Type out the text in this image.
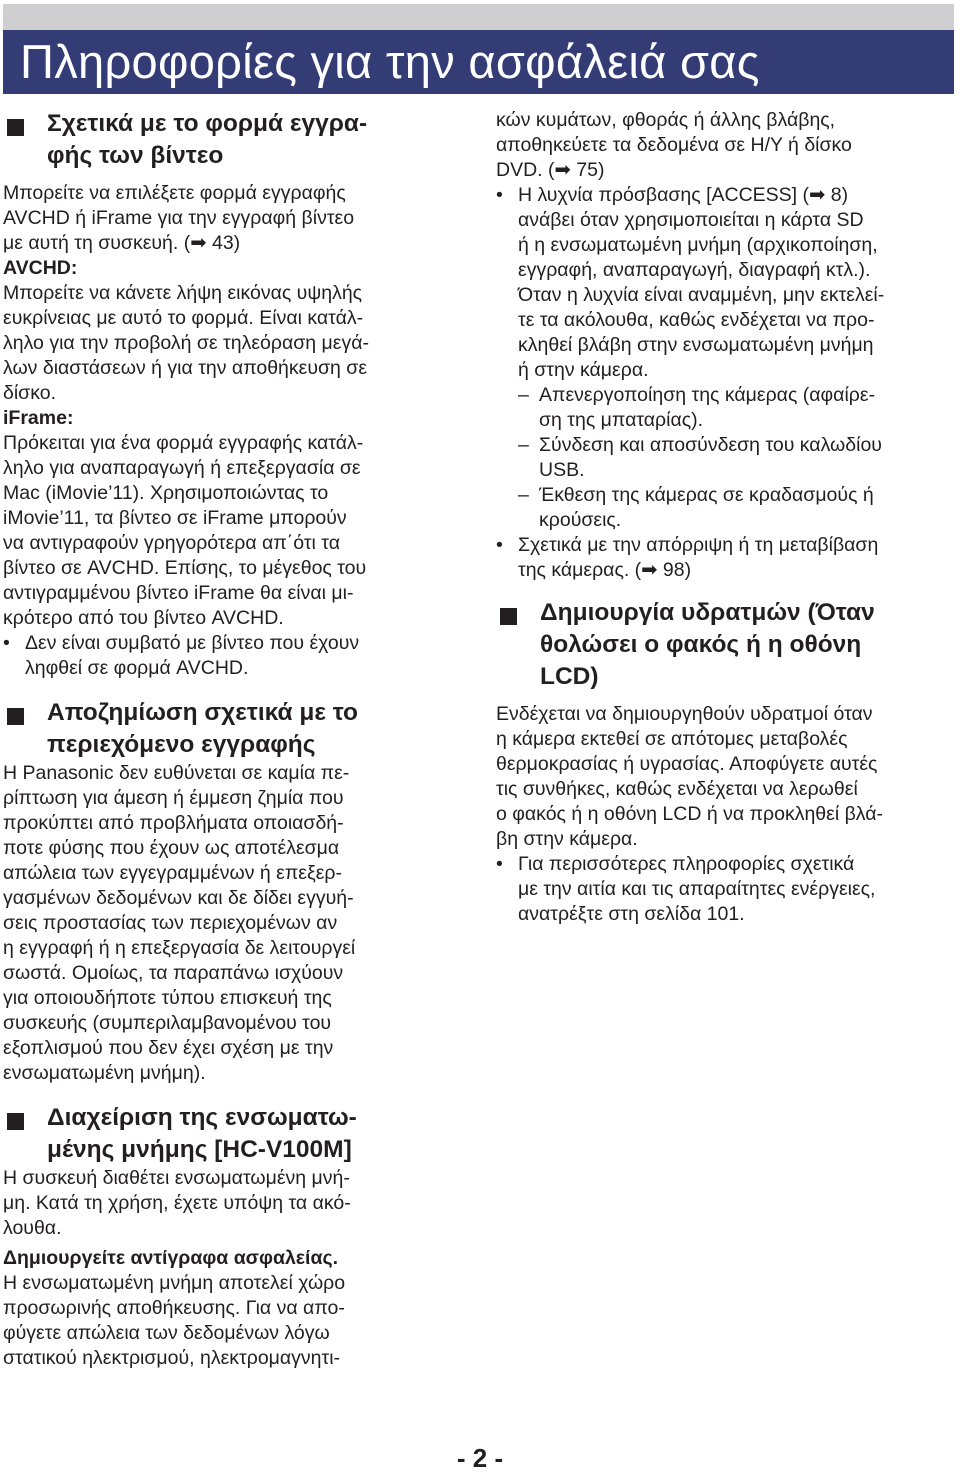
Πληροφορίες για την ασφάλειά σας
Σχετικά με το φορμά εγγρα-
φής των βίντεο
Μπορείτε να επιλέξετε φορμά εγγραφής
AVCHD ή iFrame για την εγγραφή βίντεο
με αυτή τη συσκευή. (➡ 43)
AVCHD:
Μπορείτε να κάνετε λήψη εικόνας υψηλής
ευκρίνειας με αυτό το φορμά. Είναι κατάλ-
ληλο για την προβολή σε τηλεόραση μεγά-
λων διαστάσεων ή για την αποθήκευση σε
δίσκο.
iFrame:
Πρόκειται για ένα φορμά εγγραφής κατάλ-
ληλο για αναπαραγωγή ή επεξεργασία σε
Mac (iMovie’11). Χρησιμοποιώντας το
iMovie’11, τα βίντεο σε iFrame μπορούν
να αντιγραφούν γρηγορότερα απ΄ότι τα
βίντεο σε AVCHD. Επίσης, το μέγεθος του
αντιγραμμένου βίντεο iFrame θα είναι μι-
κρότερο από του βίντεο AVCHD.
• Δεν είναι συμβατό με βίντεο που έχουν
ληφθεί σε φορμά AVCHD.
Αποζημίωση σχετικά με το
περιεχόμενο εγγραφής
Η Panasonic δεν ευθύνεται σε καμία πε-
ρίπτωση για άμεση ή έμμεση ζημία που
προκύπτει από προβλήματα οποιασδή-
ποτε φύσης που έχουν ως αποτέλεσμα
απώλεια των εγγεγραμμένων ή επεξερ-
γασμένων δεδομένων και δε δίδει εγγυή-
σεις προστασίας των περιεχομένων αν
η εγγραφή ή η επεξεργασία δε λειτουργεί
σωστά. Ομοίως, τα παραπάνω ισχύουν
για οποιουδήποτε τύπου επισκευή της
συσκευής (συμπεριλαμβανομένου του
εξοπλισμού που δεν έχει σχέση με την
ενσωματωμένη μνήμη).
Διαχείριση της ενσωματω-
μένης μνήμης [HC-V100M]
Η συσκευή διαθέτει ενσωματωμένη μνή-
μη. Κατά τη χρήση, έχετε υπόψη τα ακό-
λουθα.
Δημιουργείτε αντίγραφα ασφαλείας.
Η ενσωματωμένη μνήμη αποτελεί χώρο
προσωρινής αποθήκευσης. Για να απο-
φύγετε απώλεια των δεδομένων λόγω
στατικού ηλεκτρισμού, ηλεκτρομαγνητι-
κών κυμάτων, φθοράς ή άλλης βλάβης,
αποθηκεύετε τα δεδομένα σε Η/Υ ή δίσκο
DVD. (➡ 75)
• Η λυχνία πρόσβασης [ACCESS] (➡ 8)
ανάβει όταν χρησιμοποιείται η κάρτα SD
ή η ενσωματωμένη μνήμη (αρχικοποίηση,
εγγραφή, αναπαραγωγή, διαγραφή κτλ.).
Όταν η λυχνία είναι αναμμένη, μην εκτελεί-
τε τα ακόλουθα, καθώς ενδέχεται να προ-
κληθεί βλάβη στην ενσωματωμένη μνήμη
ή στην κάμερα.
– Απενεργοποίηση της κάμερας (αφαίρε-
ση της μπαταρίας).
– Σύνδεση και αποσύνδεση του καλωδίου
USB.
– Έκθεση της κάμερας σε κραδασμούς ή
κρούσεις.
• Σχετικά με την απόρριψη ή τη μεταβίβαση
της κάμερας. (➡ 98)
Δημιουργία υδρατμών (Όταν
θολώσει ο φακός ή η οθόνη
LCD)
Ενδέχεται να δημιουργηθούν υδρατμοί όταν
η κάμερα εκτεθεί σε απότομες μεταβολές
θερμοκρασίας ή υγρασίας. Αποφύγετε αυτές
τις συνθήκες, καθώς ενδέχεται να λερωθεί
ο φακός ή η οθόνη LCD ή να προκληθεί βλά-
βη στην κάμερα.
• Για περισσότερες πληροφορίες σχετικά
με την αιτία και τις απαραίτητες ενέργειες,
ανατρέξτε στη σελίδα 101.
- 2 -
